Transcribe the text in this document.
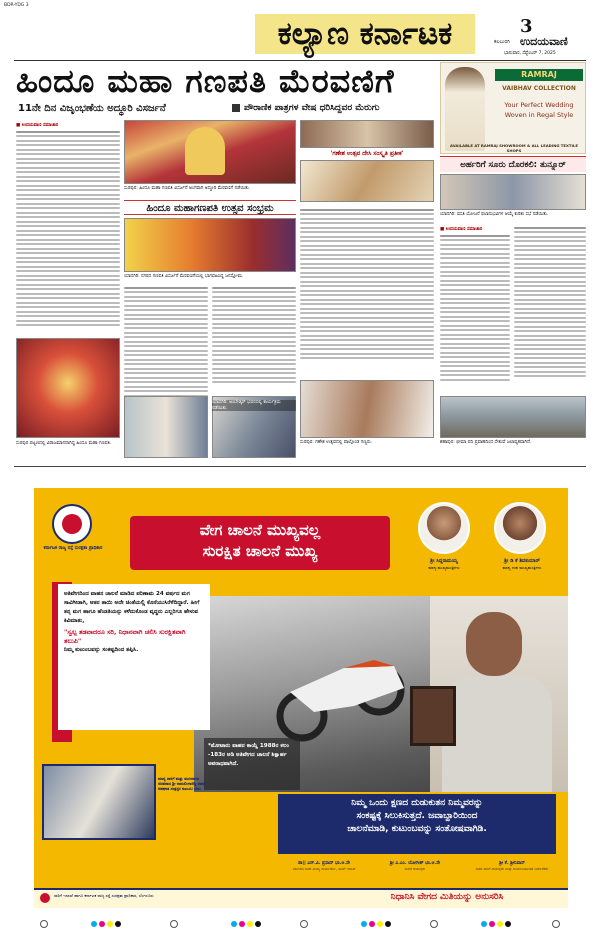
BDR-YDG 3
ಕಲ್ಯಾಣ ಕರ್ನಾಟಕ	3
ಕಲಬುರಗಿ ಉದಯವಾಣಿ
ಭಾನುವಾರ, ಸೆಪ್ಟೆಂಬರ್ 7, 2025
ಹಿಂದೂ ಮಹಾ ಗಣಪತಿ ಮೆರವಣಿಗೆ
11ನೇ ದಿನ ವಿಜೃಂಭಣೆಯ ಅದ್ಧೂರಿ ವಿಸರ್ಜನೆ	ಪೌರಾಣಿಕ ಪಾತ್ರಗಳ ವೇಷ ಧರಿಸಿದ್ದವರ ಮೆರುಗು
■ ಉದಯವಾಣಿ ಸಮಾಚಾರ
ಸುರಪುರ: ಹಿಂದೂ ಮಹಾ ಗಣಪತಿ ವಿಸರ್ಜನೆ ಅಂಗವಾಗಿ ಅದ್ದೂರಿ ಮೆರವಣಿಗೆ ನಡೆಯಿತು.
ಹಿಂದೂ ಮಹಾಗಣಪತಿ ಉತ್ಸವ ಸಂಭ್ರಮ
ಯಾದಗಿರಿ: ನಗರದ ಗಣಪತಿ ವಿಸರ್ಜನೆ ಮೆರವಣಿಗೆಯಲ್ಲಿ ಭಾಗವಹಿಸಿದ್ದ ಜನಸ್ತೋಮ.
'ಗಣೇಶ ಉತ್ಸವ ದೇಸಿ ಸಂಸ್ಕೃತಿ ಪ್ರತೀಕ'
ಸುರಪುರ: ಗಣೇಶ ಉತ್ಸವದಲ್ಲಿ ಪಾಲ್ಗೊಂಡ ಗಣ್ಯರು.
ಸುರಪುರ ಪಟ್ಟಣದಲ್ಲಿ ವಿರಾಜಮಾನನಾಗಿದ್ದ ಹಿಂದೂ ಮಹಾ ಗಣಪತಿ.
ಯಾದಗಿರಿ: ಅಂಬೇಡ್ಕರ್ ಭವನದಲ್ಲಿ ಕಾರ್ಯಕ್ರಮ ನಡೆಯಿತು.
RAMRAJ
VAIBHAV COLLECTION
Your Perfect Wedding
Woven in Regal Style
AVAILABLE AT RAMRAJ SHOWROOM & ALL LEADING TEXTILE SHOPS
ಅರ್ಹರಿಗೆ ಸೂರು ದೊರಕಲಿ: ತುನ್ನೂರ್
ಯಾದಗಿರಿ: ವಸತಿ ಯೋಜನೆ ಫಲಾನುಭವಿಗಳ ಆಯ್ಕೆ ಕುರಿತು ಸಭೆ ನಡೆಯಿತು.
■ ಉದಯವಾಣಿ ಸಮಾಚಾರ
ಶಹಾಪುರ: ಭೀಮಾ ನದಿ ಪ್ರವಾಹದಿಂದ ಸೇತುವೆ ಜಲಾವೃತವಾಗಿದೆ.
ಕರ್ನಾಟಕ ರಾಜ್ಯ ರಸ್ತೆ ಸುರಕ್ಷತಾ ಪ್ರಾಧಿಕಾರ
ವೇಗ ಚಾಲನೆ ಮುಖ್ಯವಲ್ಲ
ಸುರಕ್ಷಿತ ಚಾಲನೆ ಮುಖ್ಯ
ಶ್ರೀ ಸಿದ್ದರಾಮಯ್ಯ
ಮಾನ್ಯ ಮುಖ್ಯಮಂತ್ರಿಗಳು
ಶ್ರೀ ಡಿ ಕೆ ಶಿವಕುಮಾರ್
ಮಾನ್ಯ ಉಪ ಮುಖ್ಯಮಂತ್ರಿಗಳು
ಅತಿವೇಗದಿಂದ ವಾಹನ ಚಾಲನೆ ಮಾಡಿದ ಪರಿಣಾಮ 24 ವರ್ಷದ ಮಗ ಸಾವಿಗೀಡಾಗಿ, ಆತನ ತಾಯಿ ಅದೇ ಚಿಂತೆಯಲ್ಲಿ ಕೊನೆಯುಸಿರೆಳೆದಿದ್ದಾರೆ. ಹೀಗೆ ತನ್ನ ಮಗ ಹಾಗೂ ಹೆಂಡತಿಯನ್ನು ಕಳೆದುಕೊಂಡ ವೃದ್ಧರು ಎಲ್ಲರಿಗೂ ಹೇಳುವ ಕಿವಿಮಾತು,
"ಸ್ವಲ್ಪ ತಡವಾದರೂ ಸರಿ, ನಿಧಾನವಾಗಿ ಚಲಿಸಿ ಸುರಕ್ಷಿತವಾಗಿ ತಲುಪಿ"
ನಿಮ್ಮ ಕುಟುಂಬವನ್ನು ಸಂಕಷ್ಟದಿಂದ ತಪ್ಪಿಸಿ.
*ಮೋಟಾರು ವಾಹನ ಕಾಯ್ದೆ 1988ರ ಕಲಂ -183ರ ಅಡಿ ಅತಿವೇಗದ ಚಾಲನೆ ಶಿಕ್ಷಾರ್ಹ ಅಪರಾಧವಾಗಿದೆ.
ಮಾನ್ಯ ಸಾರಿಗೆ ಮತ್ತು ಮುಜರಾಯಿ ಸಚಿವರಾದ ಶ್ರೀ ರಾಮಲಿಂಗಾರೆಡ್ಡಿ ರವರು ಅಪಘಾತ ಸಂತ್ರಸ್ತರ ಕುಟುಂಬ ಭೇಟಿ
ನಿಮ್ಮ ಒಂದು ಕ್ಷಣದ ದುಡುಕುತನ ನಿಮ್ಮವರನ್ನು
ಸಂಕಷ್ಟಕ್ಕೆ ಸಿಲುಕಿಸುತ್ತದೆ. ಜವಾಬ್ದಾರಿಯಿಂದ
ಚಾಲನೆಮಾಡಿ, ಕುಟುಂಬವನ್ನು ಸಂತೋಷವಾಗಿಡಿ.
ಡಾ|| ಎನ್.ವಿ. ಪ್ರಸಾದ್ ಭಾ.ಆ.ಸೇ
ಸರ್ಕಾರದ ಅಪರ ಮುಖ್ಯ ಕಾರ್ಯದರ್ಶಿ, ಸಾರಿಗೆ ಇಲಾಖೆ
ಶ್ರೀ ಎ.ಎಂ. ಯೋಗೀಶ್ ಭಾ.ಆ.ಸೇ
ಸಾರಿಗೆ ಆಯುಕ್ತರು
ಶ್ರೀ ಕೆ. ಶ್ರೀನಿವಾಸ್
ಅಪರ ಸಾರಿಗೆ ಆಯುಕ್ತರು ಮತ್ತು ಕಾರ್ಯನಿರ್ವಾಹಕ ನಿರ್ದೇಶಕರು
ಸಾರಿಗೆ ಇಲಾಖೆ ಹಾಗೂ ಕರ್ನಾಟಕ ರಾಜ್ಯ ರಸ್ತೆ ಸುರಕ್ಷತಾ ಪ್ರಾಧಿಕಾರ, ಬೆಂಗಳೂರು	ನಿಧಾನಿಸಿ ವೇಗದ ಮಿತಿಯನ್ನು ಅನುಸರಿಸಿ
